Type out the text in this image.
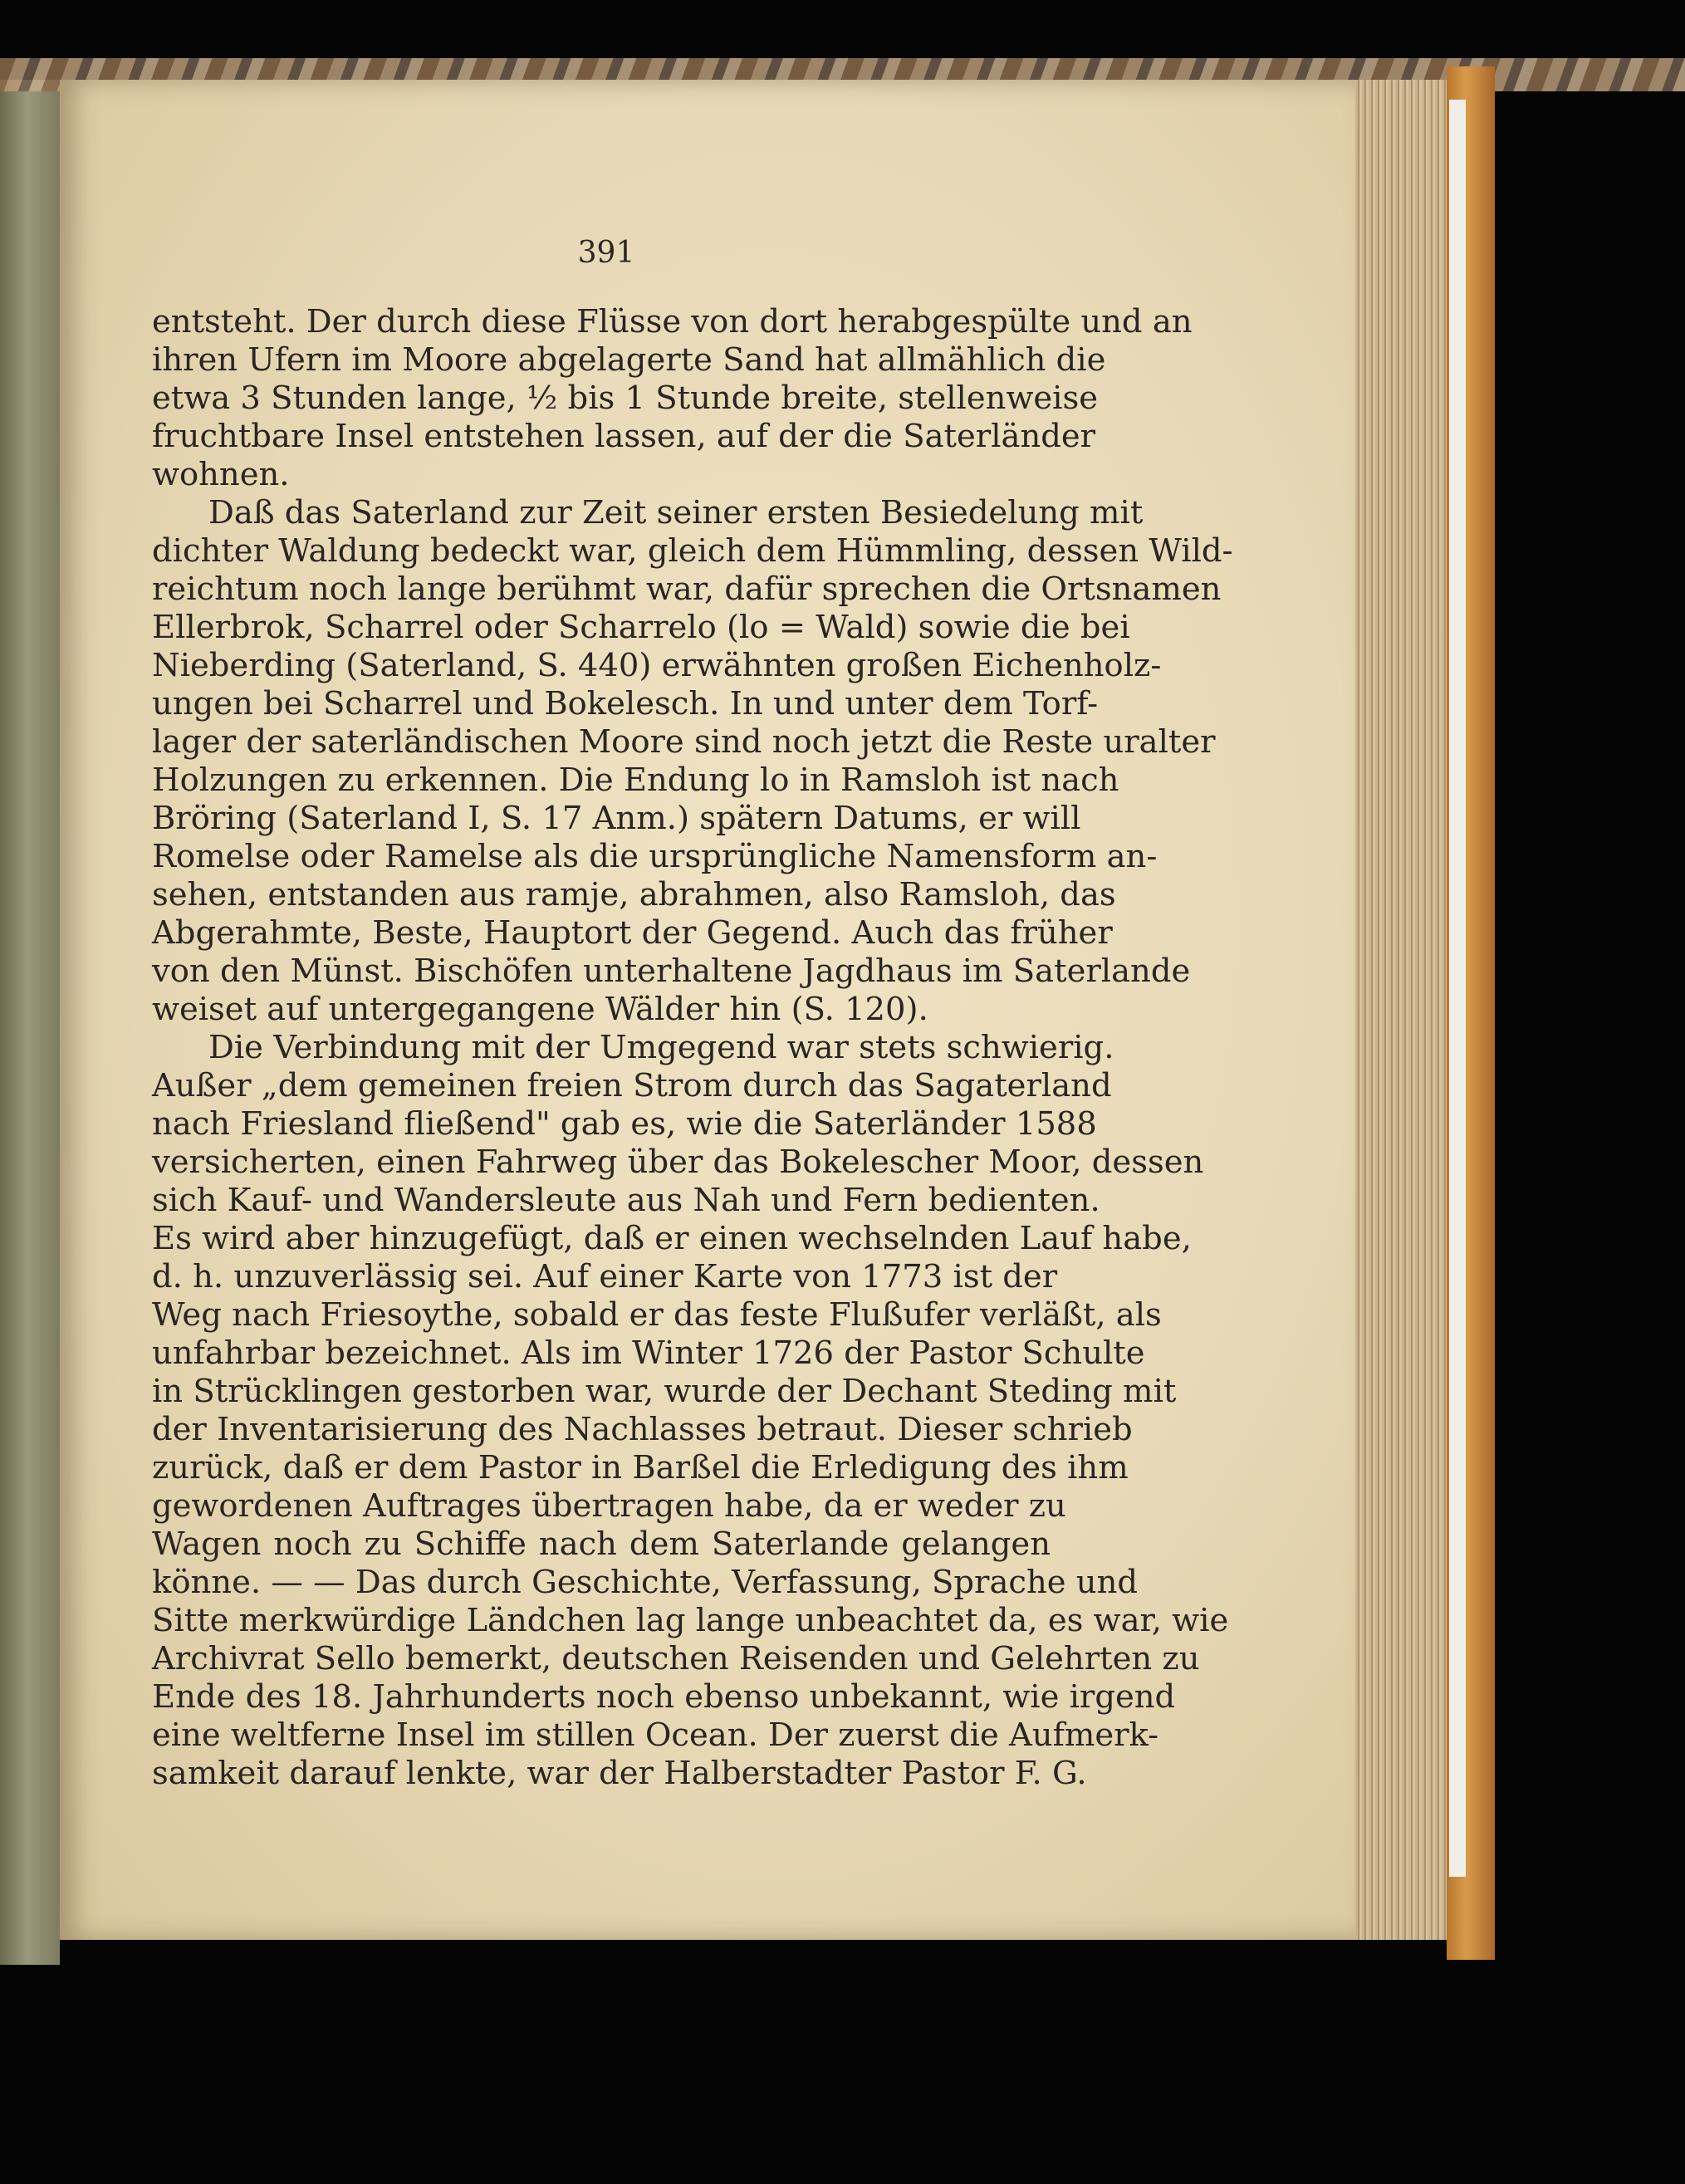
391
entsteht. Der durch diese Flüsse von dort herabgespülte und an
ihren Ufern im Moore abgelagerte Sand hat allmählich die
etwa 3 Stunden lange, ½ bis 1 Stunde breite, stellenweise
fruchtbare Insel entstehen lassen, auf der die Saterländer
wohnen.
Daß das Saterland zur Zeit seiner ersten Besiedelung mit
dichter Waldung bedeckt war, gleich dem Hümmling, dessen Wild-
reichtum noch lange berühmt war, dafür sprechen die Ortsnamen
Ellerbrok, Scharrel oder Scharrelo (lo = Wald) sowie die bei
Nieberding (Saterland, S. 440) erwähnten großen Eichenholz-
ungen bei Scharrel und Bokelesch. In und unter dem Torf-
lager der saterländischen Moore sind noch jetzt die Reste uralter
Holzungen zu erkennen. Die Endung lo in Ramsloh ist nach
Bröring (Saterland I, S. 17 Anm.) spätern Datums, er will
Romelse oder Ramelse als die ursprüngliche Namensform an-
sehen, entstanden aus ramje, abrahmen, also Ramsloh, das
Abgerahmte, Beste, Hauptort der Gegend. Auch das früher
von den Münst. Bischöfen unterhaltene Jagdhaus im Saterlande
weiset auf untergegangene Wälder hin (S. 120).
Die Verbindung mit der Umgegend war stets schwierig.
Außer „dem gemeinen freien Strom durch das Sagaterland
nach Friesland fließend" gab es, wie die Saterländer 1588
versicherten, einen Fahrweg über das Bokelescher Moor, dessen
sich Kauf- und Wandersleute aus Nah und Fern bedienten.
Es wird aber hinzugefügt, daß er einen wechselnden Lauf habe,
d. h. unzuverlässig sei. Auf einer Karte von 1773 ist der
Weg nach Friesoythe, sobald er das feste Flußufer verläßt, als
unfahrbar bezeichnet. Als im Winter 1726 der Pastor Schulte
in Strücklingen gestorben war, wurde der Dechant Steding mit
der Inventarisierung des Nachlasses betraut. Dieser schrieb
zurück, daß er dem Pastor in Barßel die Erledigung des ihm
gewordenen Auftrages übertragen habe, da er weder zu
Wagen noch zu Schiffe nach dem Saterlande gelangen
könne. — — Das durch Geschichte, Verfassung, Sprache und
Sitte merkwürdige Ländchen lag lange unbeachtet da, es war, wie
Archivrat Sello bemerkt, deutschen Reisenden und Gelehrten zu
Ende des 18. Jahrhunderts noch ebenso unbekannt, wie irgend
eine weltferne Insel im stillen Ocean. Der zuerst die Aufmerk-
samkeit darauf lenkte, war der Halberstadter Pastor F. G.
